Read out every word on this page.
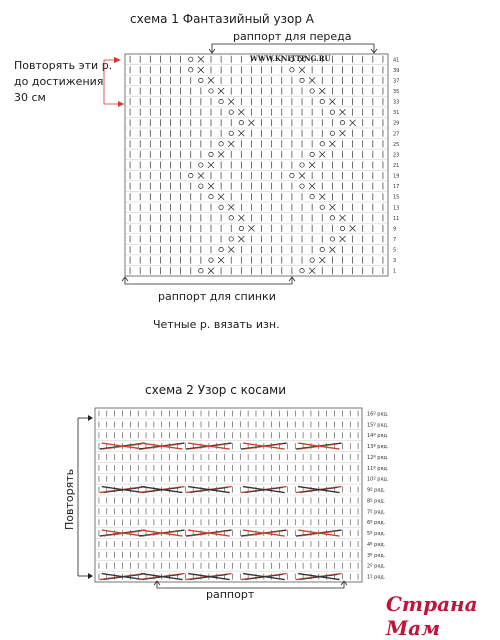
схема 1 Фантазийный узор А
раппорт для переда
Повторять эти р.
до достижения
30 см
41
39
37
35
33
31
29
27
25
23
21
19
17
15
13
11
9
7
5
3
1
WWW.KNITTING.RU
раппорт для спинки
Четные р. вязать изн.
схема 2 Узор с косами
16º ряд.
15º ряд.
14º ряд.
13º ряд.
12º ряд.
11º ряд.
10º ряд.
9º ряд.
8º ряд.
7º ряд.
6º ряд.
5º ряд.
4º ряд.
3º ряд.
2º ряд.
1º ряд.
Повторять
раппорт	Страна Мам
